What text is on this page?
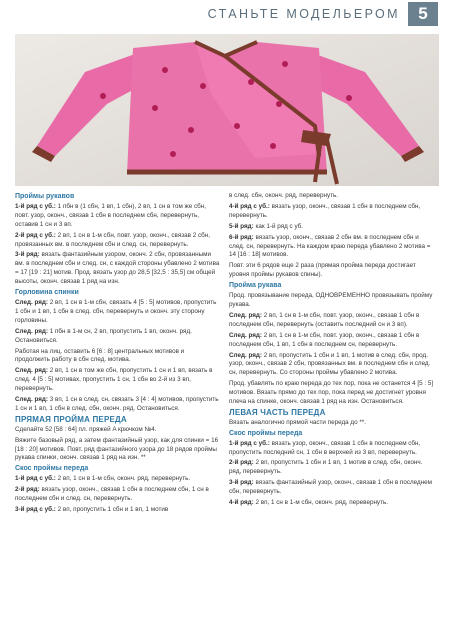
СТАНЬТЕ МОДЕЛЬЕРОМ	5
Проймы рукавов

1-й ряд с уб.: 1 пбн в (1 сбн, 1 вп, 1 сбн), 2 вп, 1 сн в том же сбн, повт. узор, оконч., связав 1 сбн в последнем сбн, перевернуть, оставив 1 сн и 3 вп.

2-й ряд с уб.: 2 вп, 1 сн в 1-м сбн, повт. узор, оконч., связав 2 сбн, провязанных вм. в последнем сбн и след. сн, перевернуть.

3-й ряд: вязать фантазийным узором, оконч. 2 сбн, провязанными вм. в последнем сбн и след. сн, с каждой стороны убавлено 2 мотива = 17 [19 : 21] мотив. Прод. вязать узор до 28,5 [32,5 : 35,5] см общей высоты, оконч. связав 1 ряд на изн.

Горловина спинки

След. ряд: 2 вп, 1 сн в 1-м сбн, связать 4 [5 : 5] мотивов, пропустить 1 сбн и 1 вп, 1 сбн в след. сбн, перевернуть и оконч. эту сторону горловины.

След. ряд: 1 пбн в 1-м сн, 2 вп, пропустить 1 вп, оконч. ряд. Остановиться.

Работая на лиц. оставить 6 [6 : 8] центральных мотивов и продолжить работу в сбн след. мотива.

След. ряд: 2 вп, 1 сн в том же сбн, пропустить 1 сн и 1 вп, вязать в след. 4 [5 : 5] мотивах, пропустить 1 сн, 1 сбн во 2-й из 3 вп, перевернуть.

След. ряд: 3 вп, 1 сн в след. сн, связать 3 [4 : 4] мотивов, пропустить 1 сн и 1 вп, 1 сбн в след. сбн, оконч. ряд. Остановиться.

ПРЯМАЯ ПРОЙМА ПЕРЕДА

Сделайте 52 [58 : 64] пл. пряжей A крючком №4.

Вяжите базовый ряд, а затем фантазийный узор, как для спинки = 16 [18 : 20] мотивов. Повт. ряд фантазийного узора до 18 рядов проймы рукава спинки, оконч. связав 1 ряд на изн. **

Скос проймы переда

1-й ряд с уб.: 2 вп, 1 сн в 1-м сбн, оконч. ряд, перевернуть.

2-й ряд: вязать узор, оконч., связав 1 сбн в последнем сбн, 1 сн в последнем сбн и след. сн, перевернуть.

3-й ряд с уб.: 2 вп, пропустить 1 сбн и 1 вп, 1 мотив

в след. сбн, оконч. ряд, перевернуть.

4-й ряд с уб.: вязать узор, оконч., связав 1 сбн в последнем сбн, перевернуть.

5-й ряд: как 1-й ряд с уб.

6-й ряд: вязать узор, оконч., связав 2 сбн вм. в последнем сбн и след. сн, перевернуть. На каждом краю переда убавлено 2 мотива = 14 [16 : 18] мотивов.

Повт. эти 6 рядов еще 2 раза (прямая пройма переда достигает уровня проймы рукавов спины).

Пройма рукава

Прод. провязывание переда, ОДНОВРЕМЕННО провязывать пройму рукава.

След. ряд: 2 вп, 1 сн в 1-м сбн, повт. узор, оконч., связав 1 сбн в последнем сбн, перевернуть (оставить последний сн и 3 вп).

След. ряд: 2 вп, 1 сн в 1-м сбн, повт. узор, оконч., связав 1 сбн в последнем сбн, 1 вп, 1 сбн в последнем сн, перевернуть.

След. ряд: 2 вп, пропустить 1 сбн и 1 вп, 1 мотив в след. сбн, прод. узор, оконч., связав 2 сбн, провязанных вм. в последнем сбн и след. сн, перевернуть. Со стороны проймы убавлено 2 мотива.

Прод. убавлять по краю переда до тех пор, пока не останется 4 [5 : 5] мотивов. Вязать прямо до тех пор, пока перед не достигнет уровня плеча на спинке, оконч. связав 1 ряд на изн. Остановиться.

ЛЕВАЯ ЧАСТЬ ПЕРЕДА

Вязать аналогично прямой части переда до **.

Скос проймы переда

1-й ряд с уб.: вязать узор, оконч., связав 1 сбн в последнем сбн, пропустить последний сн, 1 сбн в верхней из 3 вп, перевернуть.

2-й ряд: 2 вп, пропустить 1 сбн и 1 вп, 1 мотив в след. сбн, оконч. ряд, перевернуть.

3-й ряд: вязать фантазийный узор, оконч., связав 1 сбн в последнем сбн, перевернуть.

4-й ряд: 2 вп, 1 сн в 1-м сбн, оконч. ряд, перевернуть.
